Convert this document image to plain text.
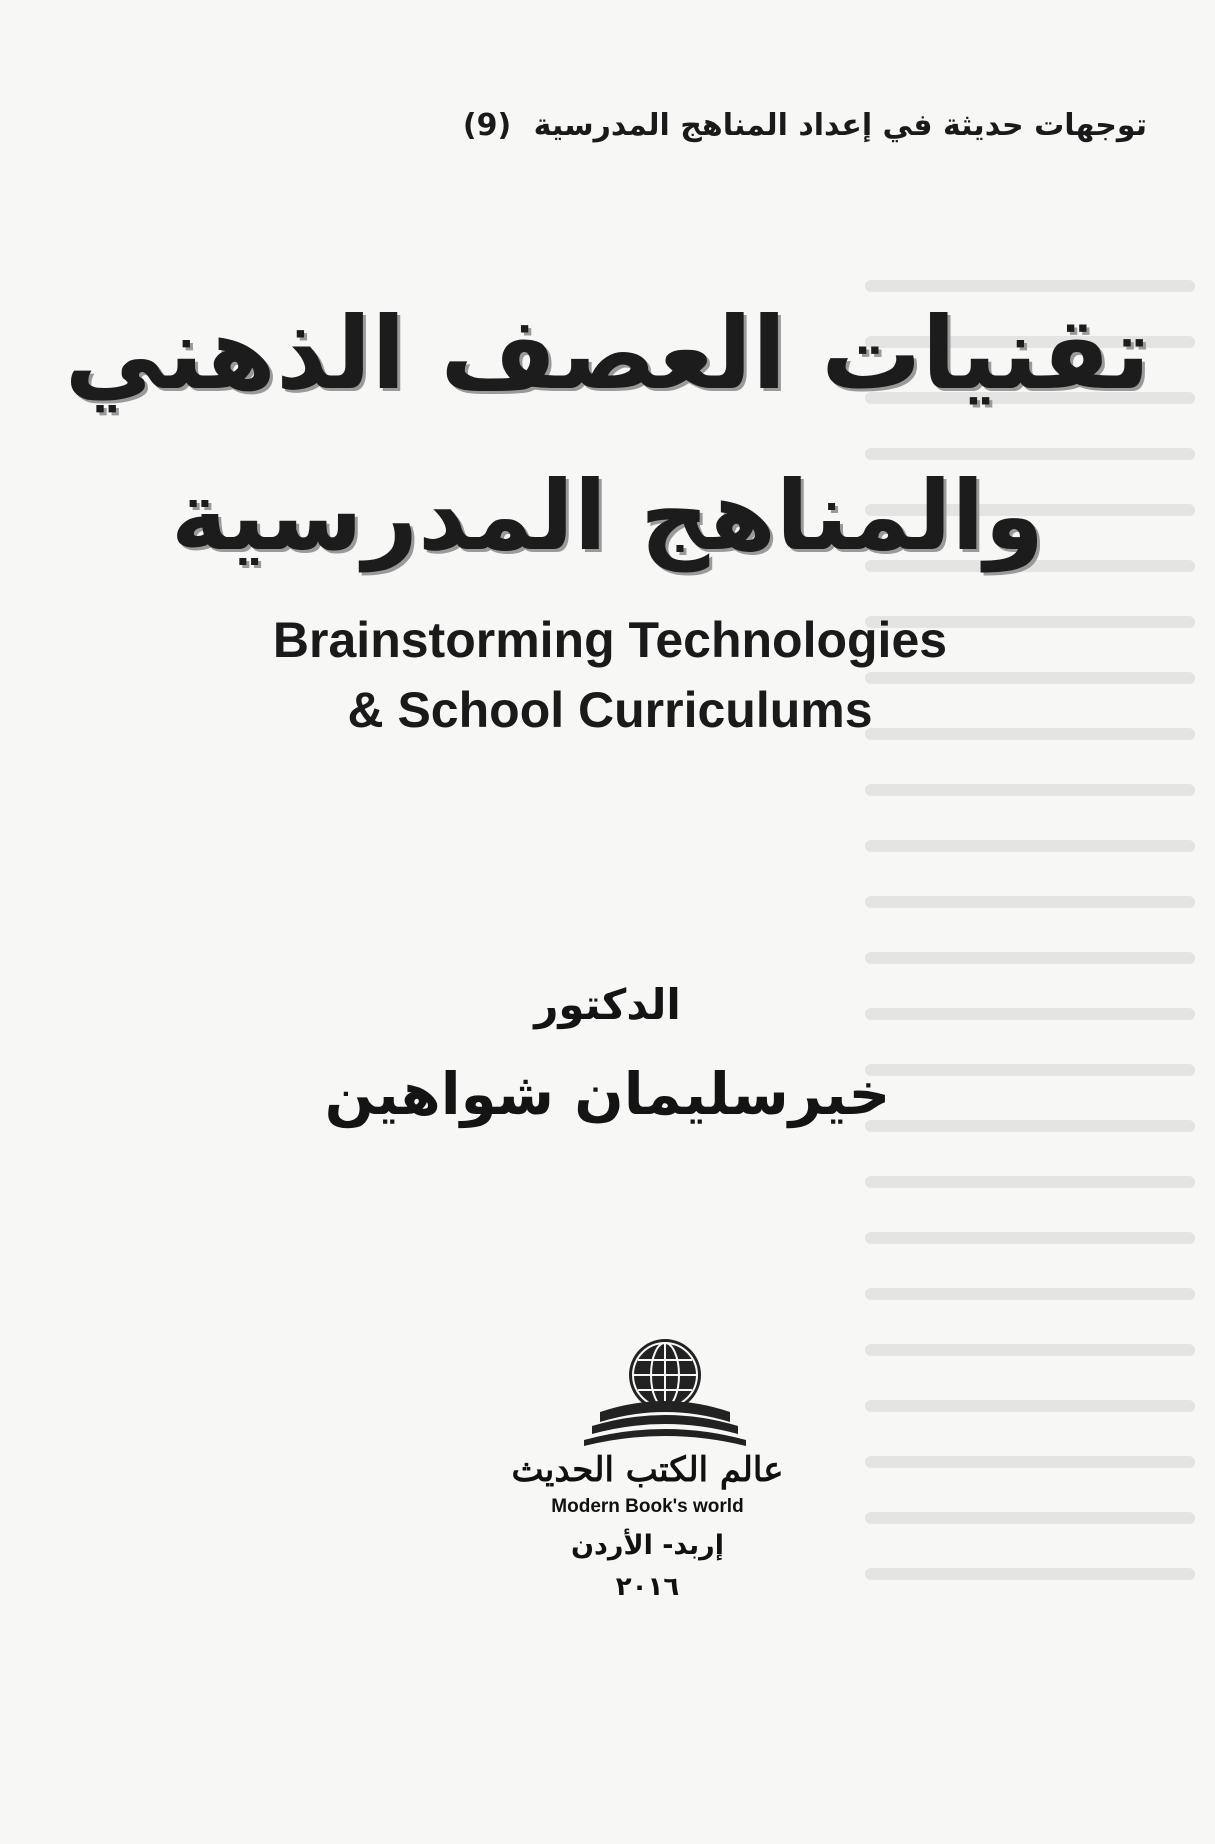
توجهات حديثة في إعداد المناهج المدرسية (9)
تقنيات العصف الذهني
والمناهج المدرسية
Brainstorming Technologies
& School Curriculums
الدكتور
خيرسليمان شواهين
عالم الكتب الحديث
Modern Book's world
إربد- الأردن
٢٠١٦
